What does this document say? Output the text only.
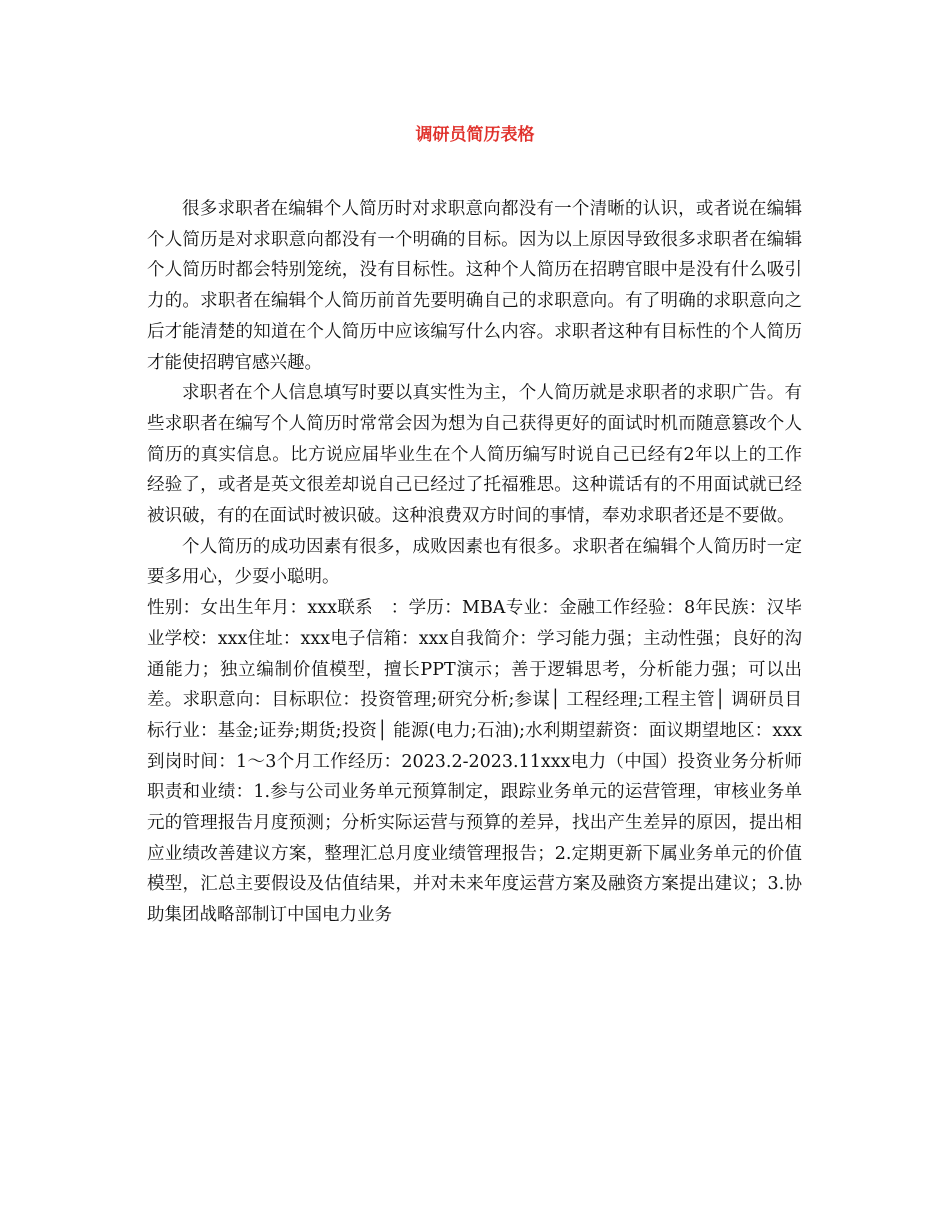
调研员简历表格

很多求职者在编辑个人简历时对求职意向都没有一个清晰的认识，或者说在编辑个人简历是对求职意向都没有一个明确的目标。因为以上原因导致很多求职者在编辑个人简历时都会特别笼统，没有目标性。这种个人简历在招聘官眼中是没有什么吸引力的。求职者在编辑个人简历前首先要明确自己的求职意向。有了明确的求职意向之后才能清楚的知道在个人简历中应该编写什么内容。求职者这种有目标性的个人简历才能使招聘官感兴趣。

求职者在个人信息填写时要以真实性为主，个人简历就是求职者的求职广告。有些求职者在编写个人简历时常常会因为想为自己获得更好的面试时机而随意篡改个人简历的真实信息。比方说应届毕业生在个人简历编写时说自己已经有2年以上的工作经验了，或者是英文很差却说自己已经过了托福雅思。这种谎话有的不用面试就已经被识破，有的在面试时被识破。这种浪费双方时间的事情，奉劝求职者还是不要做。

个人简历的成功因素有很多，成败因素也有很多。求职者在编辑个人简历时一定要多用心，少耍小聪明。

性别：女出生年月：xxx联系　：学历：MBA专业：金融工作经验：8年民族：汉毕业学校：xxx住址：xxx电子信箱：xxx自我简介：学习能力强；主动性强；良好的沟通能力；独立编制价值模型，擅长PPT演示；善于逻辑思考，分析能力强；可以出差。求职意向：目标职位：投资管理;研究分析;参谋│ 工程经理;工程主管│ 调研员目标行业：基金;证券;期货;投资│ 能源(电力;石油);水利期望薪资：面议期望地区：xxx到岗时间：1～3个月工作经历：2023.2-2023.11xxx电力（中国）投资业务分析师职责和业绩：1.参与公司业务单元预算制定，跟踪业务单元的运营管理，审核业务单元的管理报告月度预测；分析实际运营与预算的差异，找出产生差异的原因，提出相应业绩改善建议方案，整理汇总月度业绩管理报告；2.定期更新下属业务单元的价值模型，汇总主要假设及估值结果，并对未来年度运营方案及融资方案提出建议；3.协助集团战略部制订中国电力业务
